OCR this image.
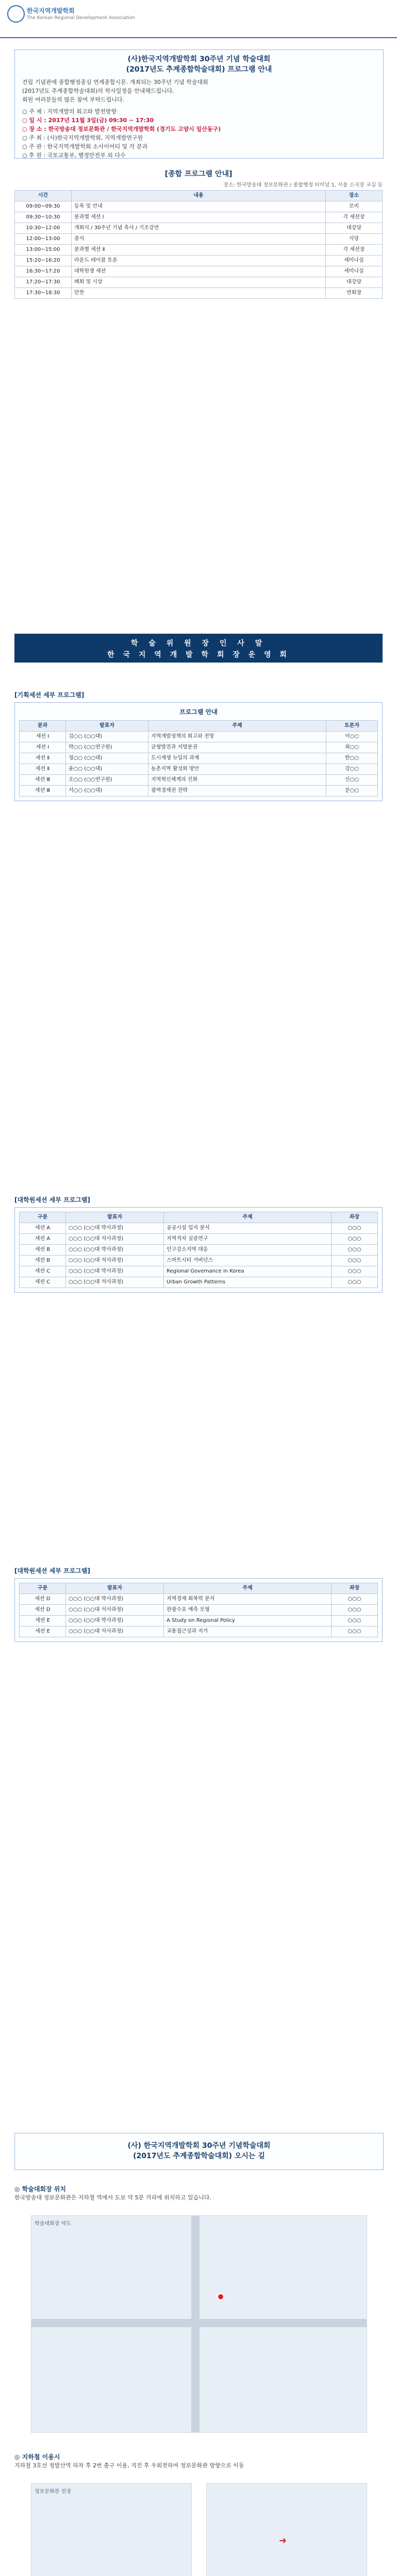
한국지역개발학회
The Korean Regional Development Association
(사)한국지역개발학회 30주년 기념 학술대회
(2017년도 추계종합학술대회) 프로그램 안내
건립 기념관에 종합행정중심 연계종합시문. 개최되는 30주년 기념 학술대회
(2017년도 추계종합학술대회)의 학사일정을 안내해드립니다.
회원 여러분들의 많은 참여 부탁드립니다.
○ 주 제 : 지역개발의 회고와 발전방향
○ 일 시 : 2017년 11월 3일(금) 09:30 ~ 17:30
○ 장 소 : 한국방송대 정보문화관 / 한국지역개발학회 (경기도 고양시 일산동구)
○ 주 최 : (사)한국지역개발학회, 지역개발연구원
○ 주 관 : 한국지역개발학회 소사이어티 및 각 분과
○ 후 원 : 국토교통부, 행정안전부 외 다수
[종합 프로그램 안내]
장소: 한국방송대 정보문화관 / 종합행정 터미널 1, 서울 소극장 교실 등
시간	내용	장소
09:00~09:30	등록 및 안내	로비
09:30~10:30	분과별 세션 Ⅰ	각 세션장
10:30~12:00	개회식 / 30주년 기념 축사 / 기조강연	대강당
12:00~13:00	중식	식당
13:00~15:00	분과별 세션 Ⅱ	각 세션장
15:20~16:20	라운드 테이블 토론	세미나실
16:30~17:20	대학원생 세션	세미나실
17:20~17:30	폐회 및 시상	대강당
17:30~18:30	만찬	연회장
학 술 위 원 장 인 사 말
한 국 지 역 개 발 학 회 장 운 영 회
[기획세션 세부 프로그램]
프로그램 안내
분과	발표자	주제	토론자
세션 Ⅰ	김○○ (○○대)	지역개발정책의 회고와 전망	이○○
세션 Ⅰ	박○○ (○○연구원)	균형발전과 지방분권	최○○
세션 Ⅱ	정○○ (○○대)	도시재생 뉴딜의 과제	한○○
세션 Ⅱ	윤○○ (○○대)	농촌지역 활성화 방안	강○○
세션 Ⅲ	오○○ (○○연구원)	지역혁신체계의 진화	신○○
세션 Ⅲ	서○○ (○○대)	광역경제권 전략	문○○
[대학원세션 세부 프로그램]
구분	발표자	주제	좌장
세션 A	○○○ (○○대 박사과정)	공공시설 입지 분석	○○○
세션 A	○○○ (○○대 석사과정)	지역격차 실증연구	○○○
세션 B	○○○ (○○대 박사과정)	인구감소지역 대응	○○○
세션 B	○○○ (○○대 석사과정)	스마트시티 거버넌스	○○○
세션 C	○○○ (○○대 박사과정)	Regional Governance in Korea	○○○
세션 C	○○○ (○○대 석사과정)	Urban Growth Patterns	○○○
[대학원세션 세부 프로그램]
구분	발표자	주제	좌장
세션 D	○○○ (○○대 박사과정)	지역경제 회복력 분석	○○○
세션 D	○○○ (○○대 석사과정)	관광수요 예측 모형	○○○
세션 E	○○○ (○○대 박사과정)	A Study on Regional Policy	○○○
세션 E	○○○ (○○대 석사과정)	교통접근성과 지가	○○○
(사) 한국지역개발학회 30주년 기념학술대회
(2017년도 추계종합학술대회) 오시는 길
◎ 학술대회장 위치
한국방송대 정보문화관은 지하철 역에서 도보 약 5분 거리에 위치하고 있습니다.
학술대회장 약도
◎ 지하철 이용시
지하철 3호선 정발산역 하차 후 2번 출구 이용, 직진 후 우회전하여 정보문화관 방향으로 이동
정보문화관 전경
➜
